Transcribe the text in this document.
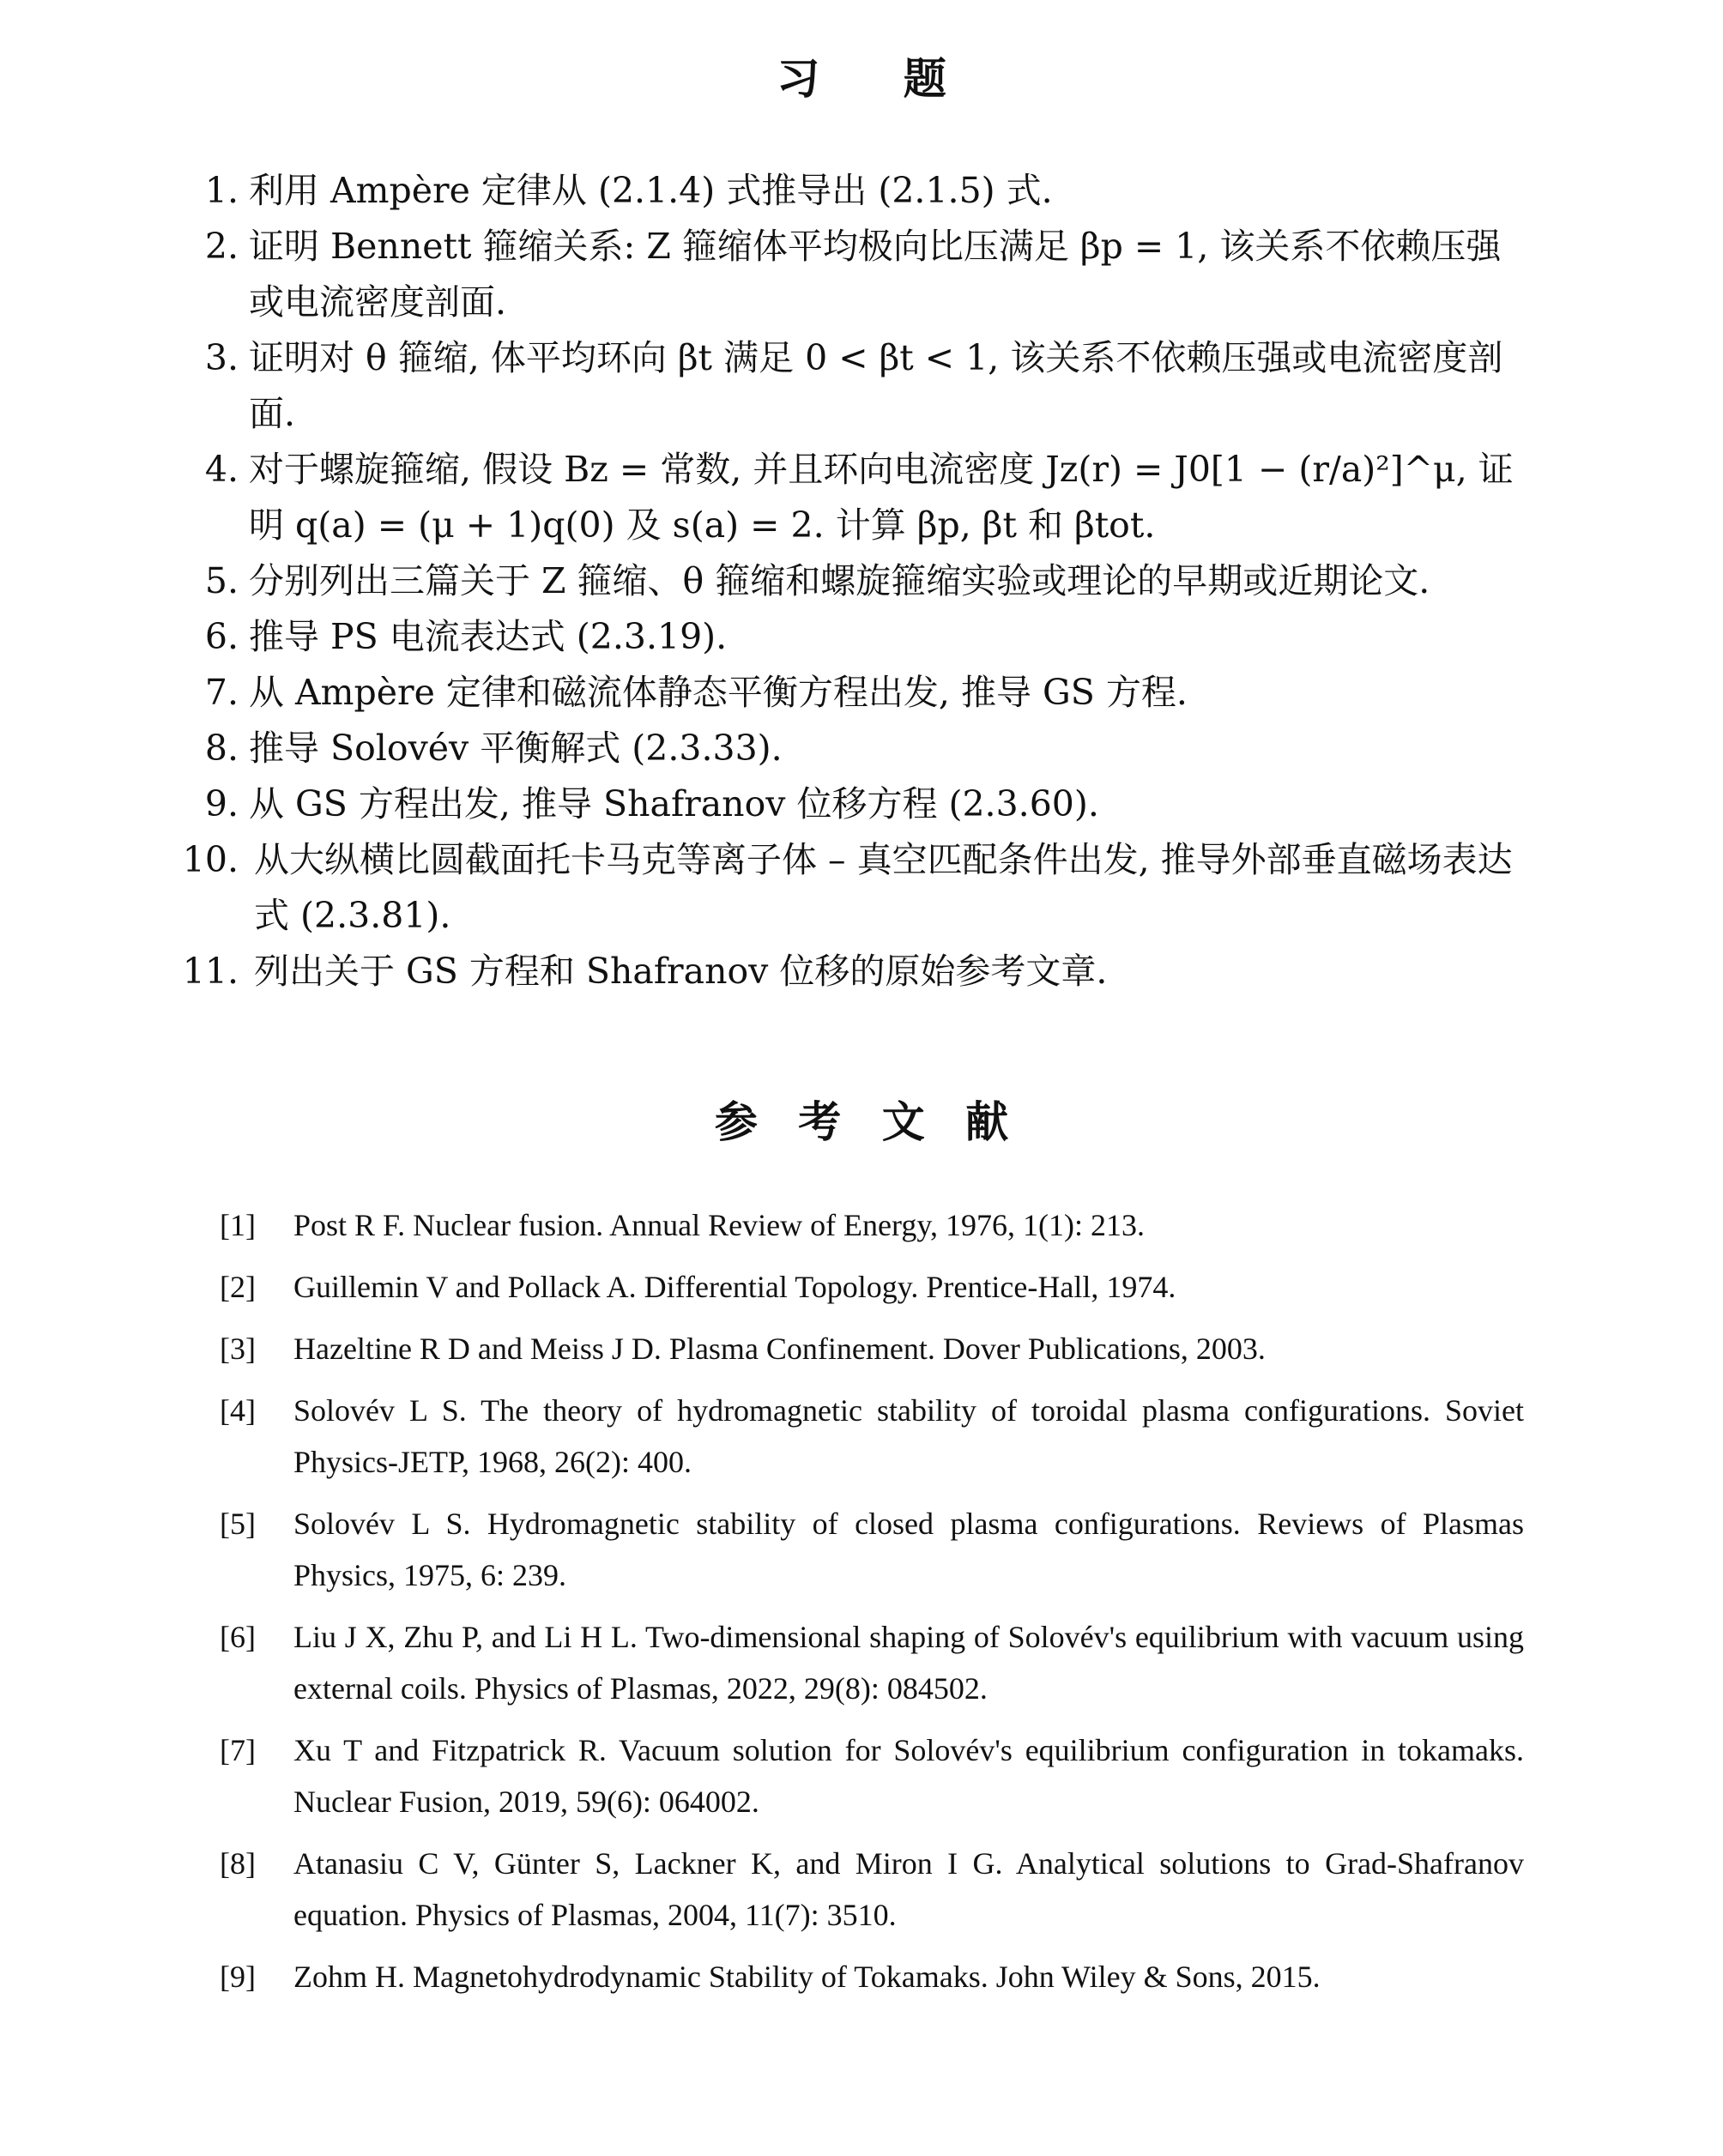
习 题
1. 利用 Ampère 定律从 (2.1.4) 式推导出 (2.1.5) 式.
2. 证明 Bennett 箍缩关系: Z 箍缩体平均极向比压满足 βp = 1, 该关系不依赖压强或电流密度剖面.
3. 证明对 θ 箍缩, 体平均环向 βt 满足 0 < βt < 1, 该关系不依赖压强或电流密度剖面.
4. 对于螺旋箍缩, 假设 Bz = 常数, 并且环向电流密度 Jz(r) = J0[1 − (r/a)²]^μ, 证明 q(a) = (μ + 1)q(0) 及 s(a) = 2. 计算 βp, βt 和 βtot.
5. 分别列出三篇关于 Z 箍缩、θ 箍缩和螺旋箍缩实验或理论的早期或近期论文.
6. 推导 PS 电流表达式 (2.3.19).
7. 从 Ampère 定律和磁流体静态平衡方程出发, 推导 GS 方程.
8. 推导 Solovév 平衡解式 (2.3.33).
9. 从 GS 方程出发, 推导 Shafranov 位移方程 (2.3.60).
10. 从大纵横比圆截面托卡马克等离子体 – 真空匹配条件出发, 推导外部垂直磁场表达式 (2.3.81).
11. 列出关于 GS 方程和 Shafranov 位移的原始参考文章.
参 考 文 献
[1] Post R F. Nuclear fusion. Annual Review of Energy, 1976, 1(1): 213.
[2] Guillemin V and Pollack A. Differential Topology. Prentice-Hall, 1974.
[3] Hazeltine R D and Meiss J D. Plasma Confinement. Dover Publications, 2003.
[4] Solovév L S. The theory of hydromagnetic stability of toroidal plasma configurations. Soviet Physics-JETP, 1968, 26(2): 400.
[5] Solovév L S. Hydromagnetic stability of closed plasma configurations. Reviews of Plasmas Physics, 1975, 6: 239.
[6] Liu J X, Zhu P, and Li H L. Two-dimensional shaping of Solovév's equilibrium with vacuum using external coils. Physics of Plasmas, 2022, 29(8): 084502.
[7] Xu T and Fitzpatrick R. Vacuum solution for Solovév's equilibrium configuration in tokamaks. Nuclear Fusion, 2019, 59(6): 064002.
[8] Atanasiu C V, Günter S, Lackner K, and Miron I G. Analytical solutions to Grad-Shafranov equation. Physics of Plasmas, 2004, 11(7): 3510.
[9] Zohm H. Magnetohydrodynamic Stability of Tokamaks. John Wiley & Sons, 2015.
